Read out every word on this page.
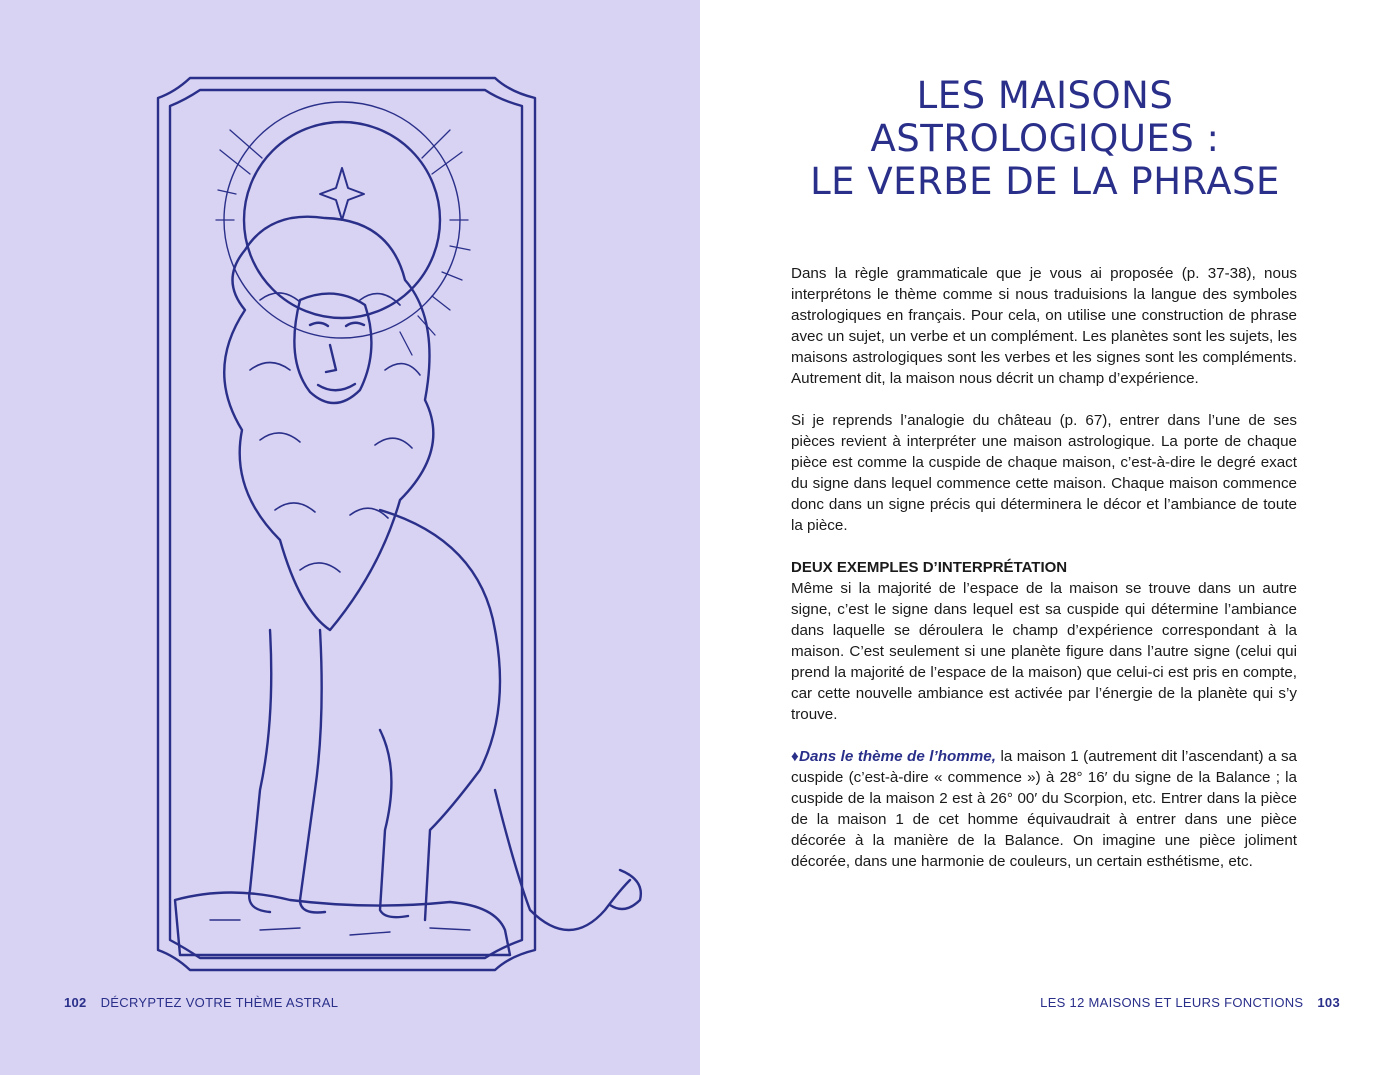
102 DÉCRYPTEZ VOTRE THÈME ASTRAL
LES MAISONS
ASTROLOGIQUES :
LE VERBE DE LA PHRASE

Dans la règle grammaticale que je vous ai proposée (p. 37-38), nous interprétons le thème comme si nous traduisions la langue des symboles astrologiques en français. Pour cela, on utilise une construction de phrase avec un sujet, un verbe et un complément. Les planètes sont les sujets, les maisons astrologiques sont les verbes et les signes sont les compléments. Autrement dit, la maison nous décrit un champ d’expérience.

Si je reprends l’analogie du château (p. 67), entrer dans l’une de ses pièces revient à interpréter une maison astrologique. La porte de chaque pièce est comme la cuspide de chaque maison, c’est-à-dire le degré exact du signe dans lequel commence cette maison. Chaque maison commence donc dans un signe précis qui déterminera le décor et l’ambiance de toute la pièce.

DEUX EXEMPLES D’INTERPRÉTATION

Même si la majorité de l’espace de la maison se trouve dans un autre signe, c’est le signe dans lequel est sa cuspide qui détermine l’ambiance dans laquelle se déroulera le champ d’expérience correspondant à la maison. C’est seulement si une planète figure dans l’autre signe (celui qui prend la majorité de l’espace de la maison) que celui-ci est pris en compte, car cette nouvelle ambiance est activée par l’énergie de la planète qui s’y trouve.

♦Dans le thème de l’homme, la maison 1 (autrement dit l’ascendant) a sa cuspide (c’est-à-dire « commence ») à 28° 16′ du signe de la Balance ; la cuspide de la maison 2 est à 26° 00′ du Scorpion, etc. Entrer dans la pièce de la maison 1 de cet homme équivaudrait à entrer dans une pièce décorée à la manière de la Balance. On imagine une pièce joliment décorée, dans une harmonie de couleurs, un certain esthétisme, etc.

LES 12 MAISONS ET LEURS FONCTIONS 103
